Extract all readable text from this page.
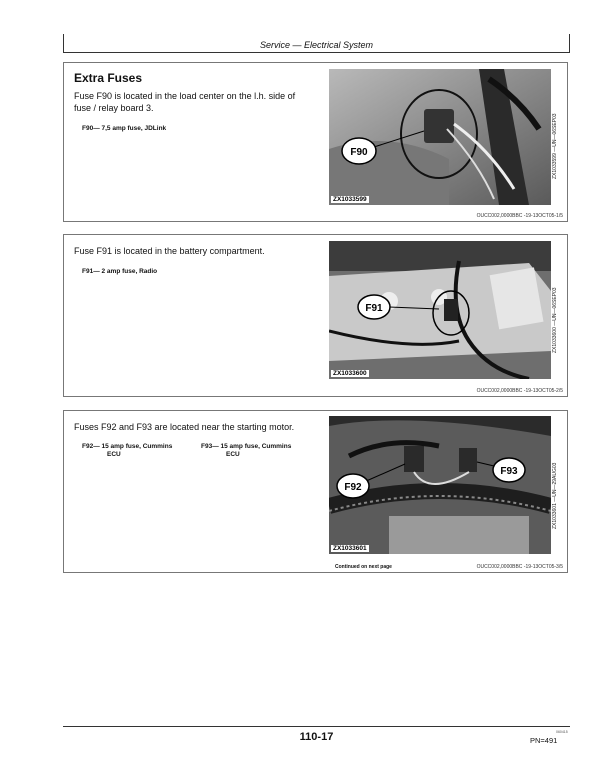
Service — Electrical System
Extra Fuses
Fuse F90 is located in the load center on the l.h. side of fuse / relay board 3.
F90— 7,5 amp fuse, JDLink
F90
ZX1033599
ZX1033599 —UN—06SEP03
OUCC002,0000BBC -19-13OCT05-1/5
Fuse F91 is located in the battery compartment.
F91— 2 amp fuse, Radio
F91
ZX1033600
ZX1033600 —UN—06SEP03
OUCC002,0000BBC -19-13OCT05-2/5
Fuses F92 and F93 are located near the starting motor.
F92— 15 amp fuse, Cummins
ECU
F93— 15 amp fuse, Cummins
ECU
F92
F93
ZX1033601
ZX1033601 —UN—29AUG03
Continued on next page	OUCC002,0000BBC -19-13OCT05-3/5
110-17	060415
PN=491
